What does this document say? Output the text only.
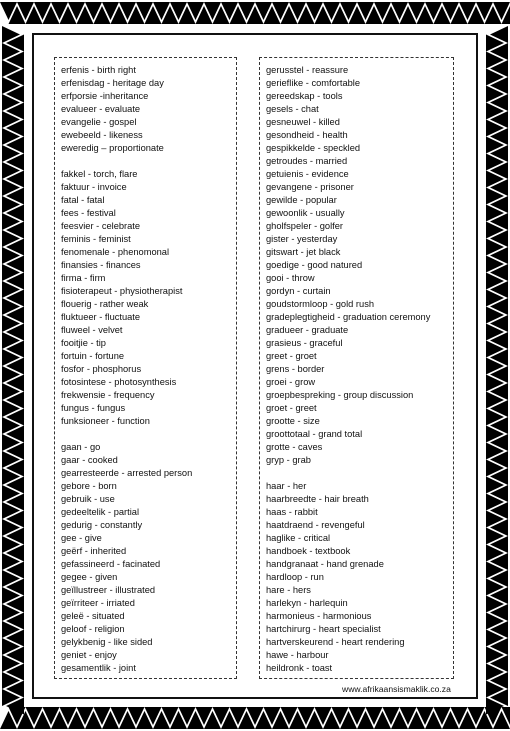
erfenis - birth right
erfenisdag - heritage day
erfporsie -inheritance
evalueer - evaluate
evangelie - gospel
ewebeeld - likeness
eweredig – proportionate
fakkel - torch, flare
faktuur - invoice
fatal - fatal
fees - festival
feesvier - celebrate
feminis - feminist
fenomenale - phenomonal
finansies - finances
firma - firm
fisioterapeut - physiotherapist
flouerig - rather weak
fluktueer - fluctuate
fluweel - velvet
fooitjie - tip
fortuin - fortune
fosfor - phosphorus
fotosintese - photosynthesis
frekwensie - frequency
fungus - fungus
funksioneer - function
gaan - go
gaar - cooked
gearresteerde - arrested person
gebore - born
gebruik - use
gedeeltelik - partial
gedurig - constantly
gee - give
geërf - inherited
gefassineerd - facinated
gegee - given
geïllustreer - illustrated
geïrriteer - irriated
geleë - situated
geloof - religion
gelykbenig - like sided
geniet - enjoy
gesamentlik - joint
gerusstel - reassure
gerieflike - comfortable
gereedskap - tools
gesels - chat
gesneuwel - killed
gesondheid - health
gespikkelde - speckled
getroudes - married
getuienis - evidence
gevangene - prisoner
gewilde - popular
gewoonlik - usually
gholfspeler - golfer
gister - yesterday
gitswart - jet black
goedige - good natured
gooi - throw
gordyn - curtain
goudstormloop - gold rush
gradeplegtigheid - graduation ceremony
gradueer - graduate
grasieus - graceful
greet - groet
grens - border
groei - grow
groepbespreking - group discussion
groet - greet
grootte - size
groottotaal - grand total
grotte - caves
gryp - grab
haar - her
haarbreedte - hair breath
haas - rabbit
haatdraend - revengeful
haglike - critical
handboek - textbook
handgranaat - hand grenade
hardloop - run
hare - hers
harlekyn - harlequin
harmonieus - harmonious
hartchirurg - heart specialist
hartverskeurend - heart rendering
hawe - harbour
heildronk - toast
www.afrikaansismaklik.co.za
